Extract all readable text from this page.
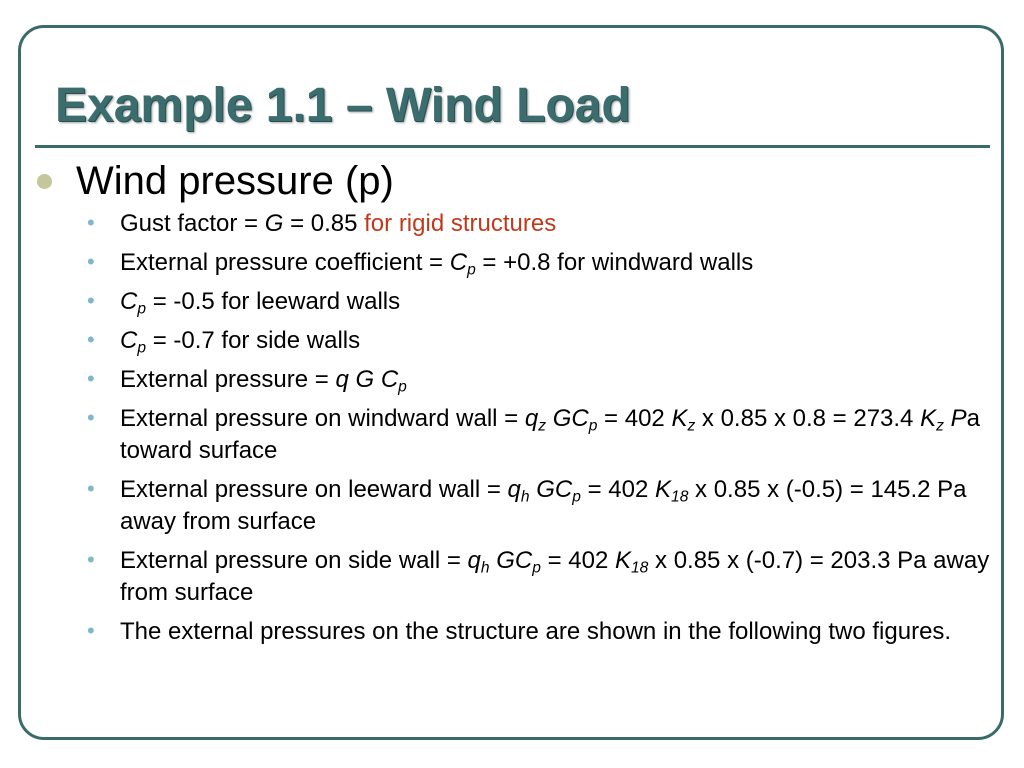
Example 1.1 – Wind Load
Wind pressure (p)
• Gust factor = G = 0.85 for rigid structures
• External pressure coefficient = $C_p = +0.8$ for windward walls
• $C_p = -0.5$ for leeward walls
• $C_p = -0.7$ for side walls
• External pressure = q G $C_p$
• External pressure on windward wall = $q_z$ $GC_p = 402$ $K_z$ x 0.85 x 0.8 = 273.4 $K_z$ Pa toward surface
• External pressure on leeward wall = $q_h$ $GC_p = 402$ $K_{18}$ x 0.85 x (-0.5) = 145.2 Pa away from surface
• External pressure on side wall = $q_h$ $GC_p = 402$ $K_{18}$ x 0.85 x (-0.7) = 203.3 Pa away from surface
• The external pressures on the structure are shown in the following two figures.
